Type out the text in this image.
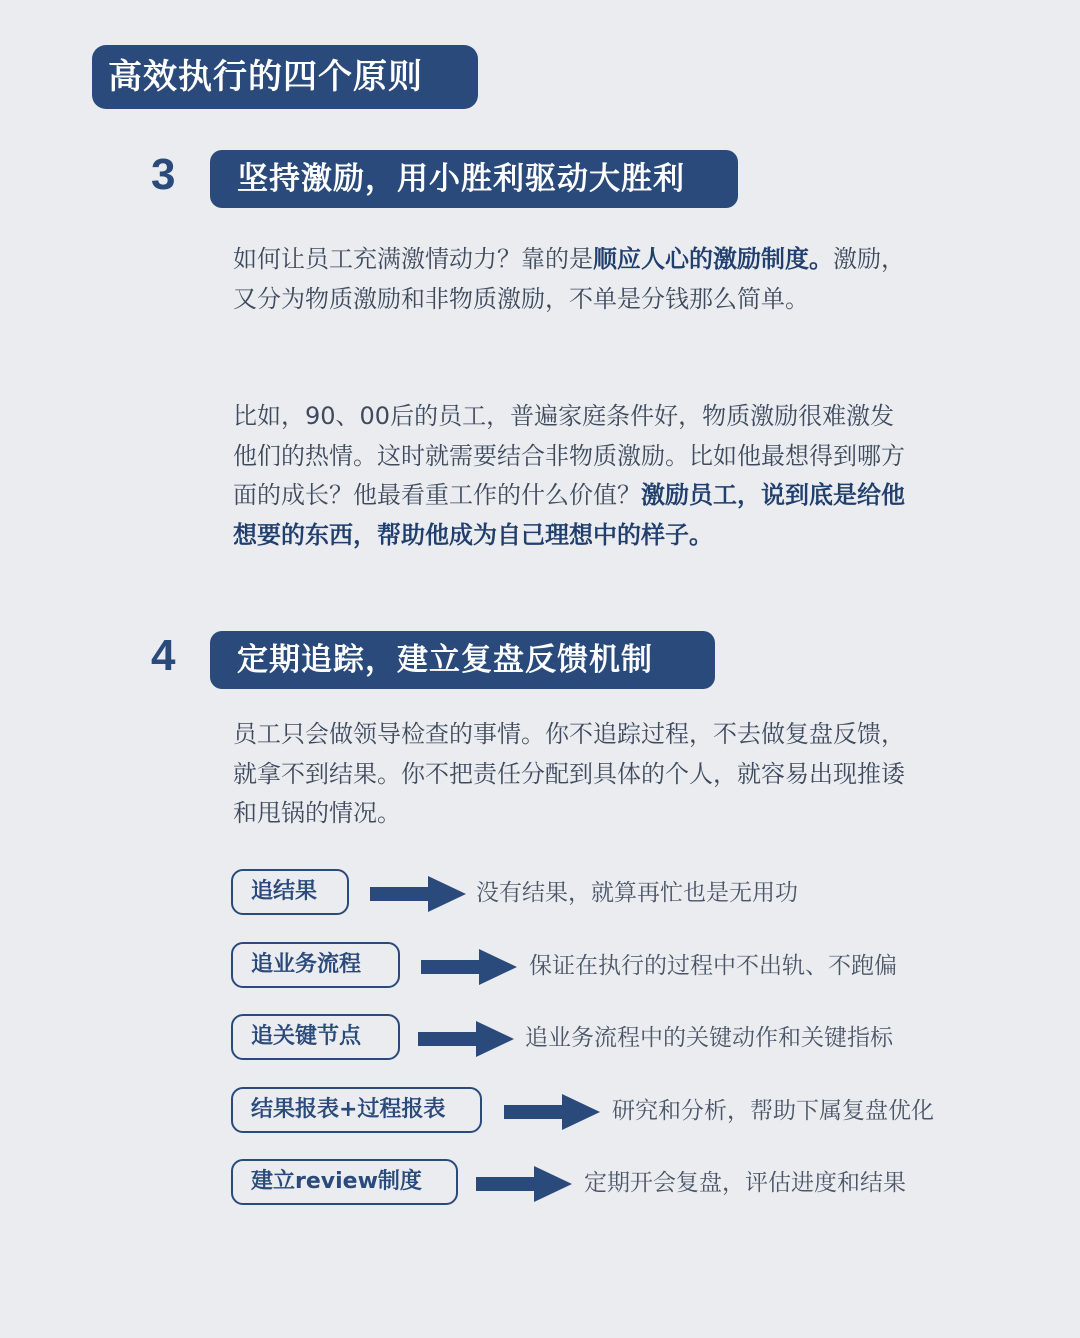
高效执行的四个原则
3	坚持激励，用小胜利驱动大胜利

如何让员工充满激情动力？靠的是顺应人心的激励制度。激励，又分为物质激励和非物质激励，不单是分钱那么简单。

比如，90、00后的员工，普遍家庭条件好，物质激励很难激发他们的热情。这时就需要结合非物质激励。比如他最想得到哪方面的成长？他最看重工作的什么价值？激励员工，说到底是给他想要的东西，帮助他成为自己理想中的样子。

4	定期追踪，建立复盘反馈机制

员工只会做领导检查的事情。你不追踪过程，不去做复盘反馈，就拿不到结果。你不把责任分配到具体的个人，就容易出现推诿和甩锅的情况。

追结果	没有结果，就算再忙也是无用功
追业务流程	保证在执行的过程中不出轨、不跑偏
追关键节点	追业务流程中的关键动作和关键指标
结果报表+过程报表	研究和分析，帮助下属复盘优化
建立review制度	定期开会复盘，评估进度和结果
